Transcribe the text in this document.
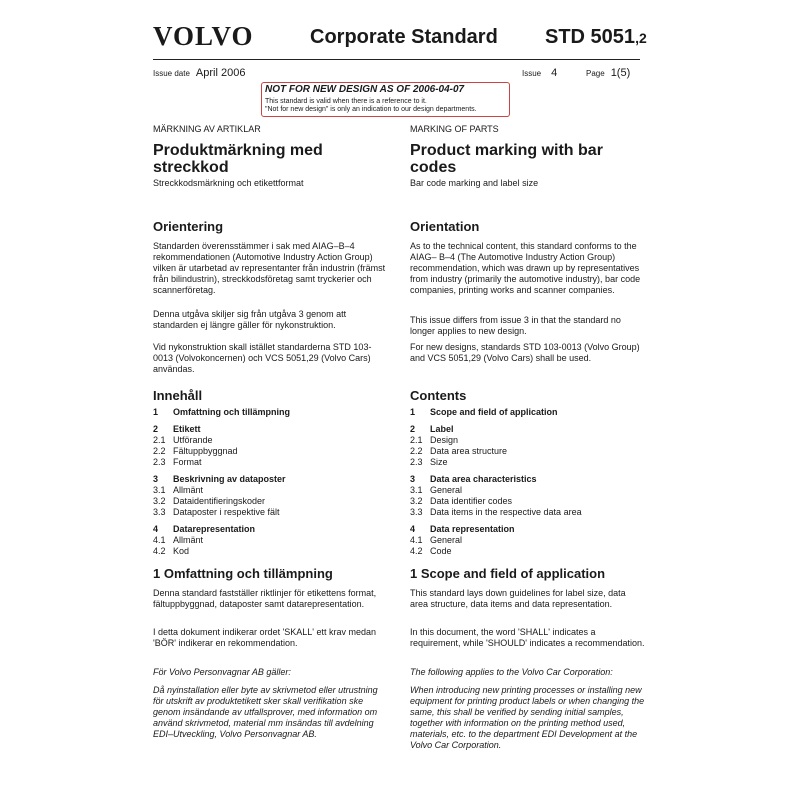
VOLVO	Corporate Standard STD 5051,2
Issue date April 2006	Issue 4	Page 1(5)
NOT FOR NEW DESIGN AS OF 2006-04-07
This standard is valid when there is a reference to it.
"Not for new design" is only an indication to our design departments.
MÄRKNING AV ARTIKLAR
Produktmärkning med
streckkod
Streckkodsmärkning och etikettformat
Orientering

Standarden överensstämmer i sak med AIAG–B–4 rekommendationen (Automotive Industry Action Group) vilken är utarbetad av representanter från industrin (främst från bilindustrin), streckkodsföretag samt tryckerier och scannerföretag.

Denna utgåva skiljer sig från utgåva 3 genom att standarden ej längre gäller för nykonstruktion.

Vid nykonstruktion skall istället standarderna STD 103-0013 (Volvokoncernen) och VCS 5051,29 (Volvo Cars) användas.

Innehåll
1 Omfattning och tillämpning
2 Etikett
2.1 Utförande
2.2 Fältuppbyggnad
2.3 Format
3 Beskrivning av dataposter
3.1 Allmänt
3.2 Dataidentifieringskoder
3.3 Dataposter i respektive fält
4 Datarepresentation
4.1 Allmänt
4.2 Kod
1 Omfattning och tillämpning

Denna standard fastställer riktlinjer för etikettens format, fältuppbyggnad, dataposter samt datarepresentation.

I detta dokument indikerar ordet 'SKALL' ett krav medan 'BÖR' indikerar en rekommendation.

För Volvo Personvagnar AB gäller:

Då nyinstallation eller byte av skrivmetod eller utrustning för utskrift av produktetikett sker skall verifikation ske genom insändande av utfallsprover, med information om använd skrivmetod, material mm insändas till avdelning EDI–Utveckling, Volvo Personvagnar AB.

MARKING OF PARTS
Product marking with bar
codes
Bar code marking and label size
Orientation

As to the technical content, this standard conforms to the AIAG– B–4 (The Automotive Industry Action Group) recommendation, which was drawn up by representatives from industry (primarily the automotive industry), bar code companies, printing works and scanner companies.

This issue differs from issue 3 in that the standard no longer applies to new design.

For new designs, standards STD 103-0013 (Volvo Group) and VCS 5051,29 (Volvo Cars) shall be used.

Contents
1 Scope and field of application
2 Label
2.1 Design
2.2 Data area structure
2.3 Size
3 Data area characteristics
3.1 General
3.2 Data identifier codes
3.3 Data items in the respective data area
4 Data representation
4.1 General
4.2 Code
1 Scope and field of application

This standard lays down guidelines for label size, data area structure, data items and data representation.

In this document, the word 'SHALL' indicates a requirement, while 'SHOULD' indicates a recommendation.

The following applies to the Volvo Car Corporation:

When introducing new printing processes or installing new equipment for printing product labels or when changing the same, this shall be verified by sending initial samples, together with information on the printing method used, materials, etc. to the department EDI Development at the Volvo Car Corporation.
